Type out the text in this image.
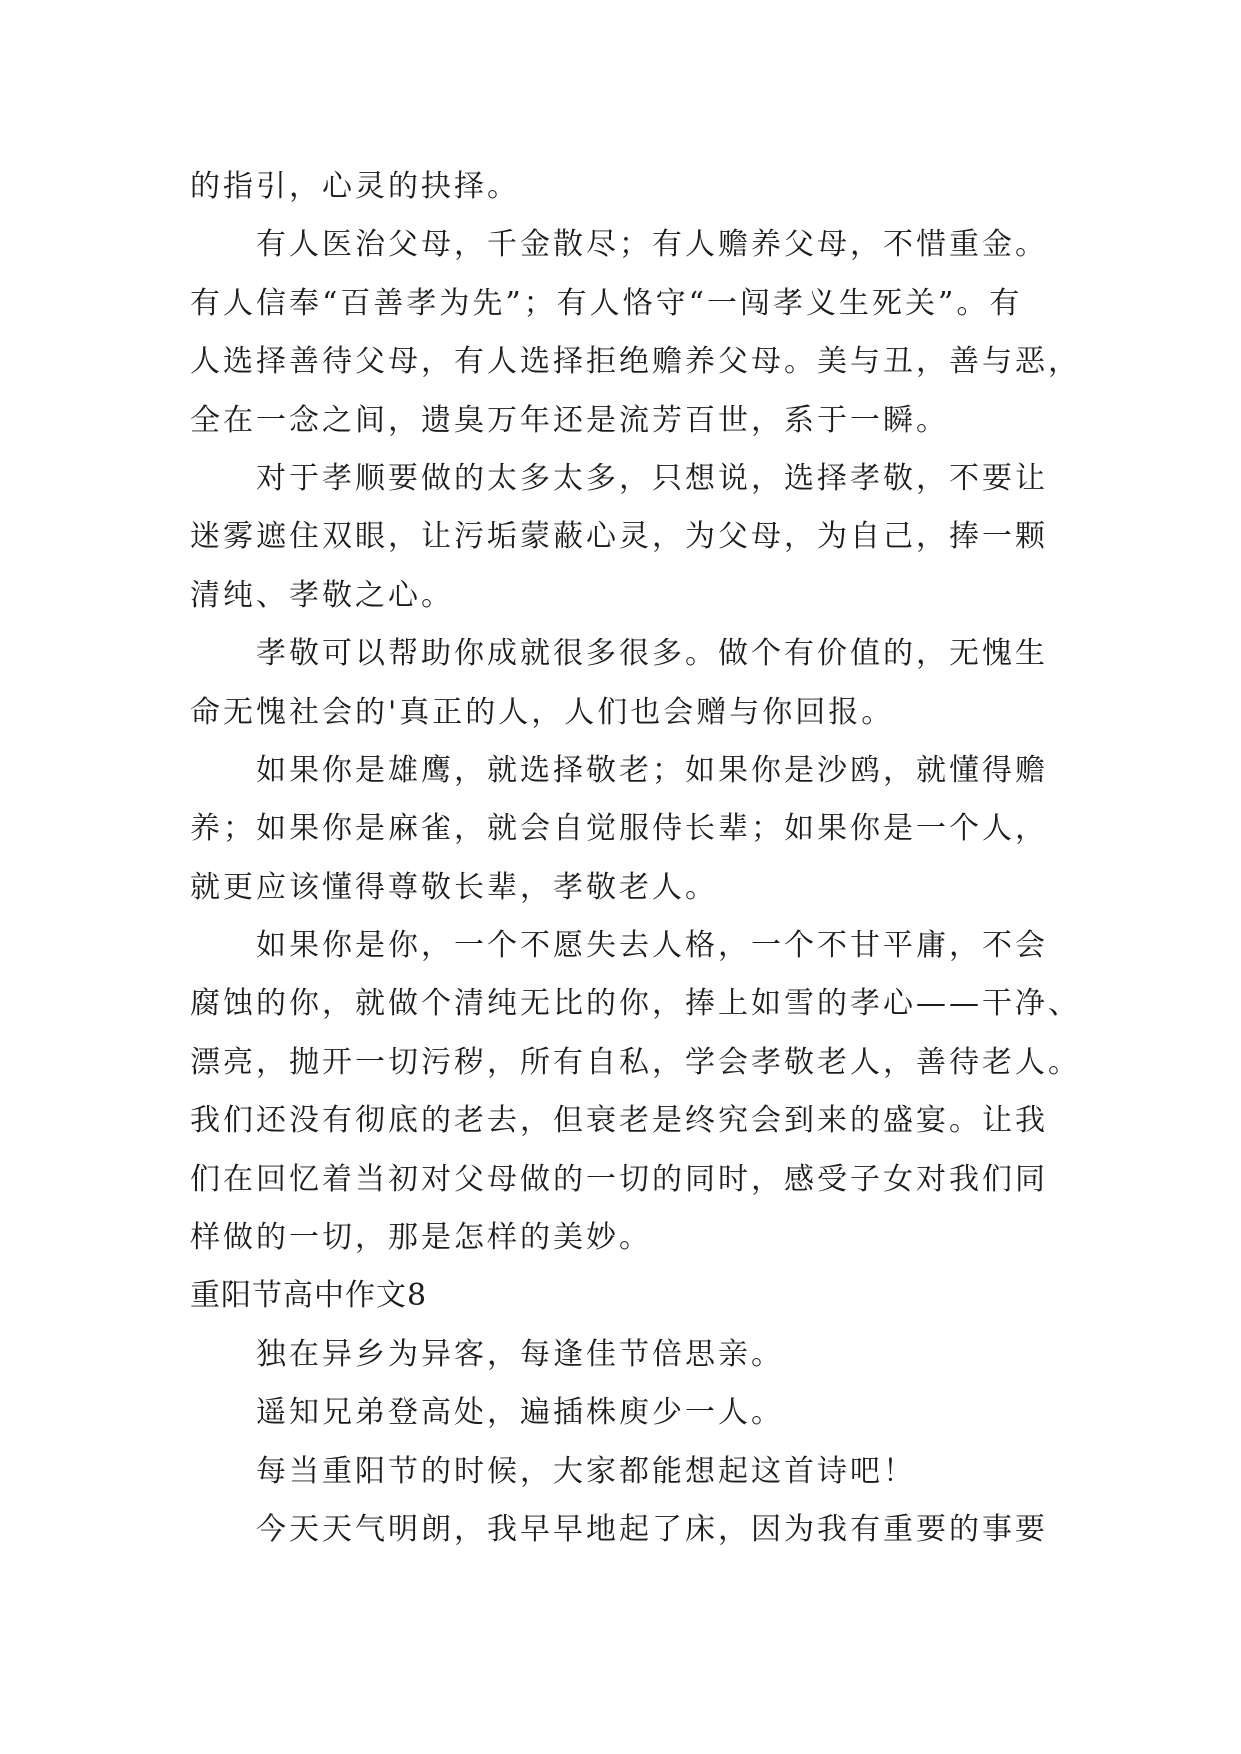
的指引，心灵的抉择。
有人医治父母，千金散尽；有人赡养父母，不惜重金。
有人信奉“百善孝为先”；有人恪守“一闯孝义生死关”。有
人选择善待父母，有人选择拒绝赡养父母。美与丑，善与恶，
全在一念之间，遗臭万年还是流芳百世，系于一瞬。
对于孝顺要做的太多太多，只想说，选择孝敬，不要让
迷雾遮住双眼，让污垢蒙蔽心灵，为父母，为自己，捧一颗
清纯、孝敬之心。
孝敬可以帮助你成就很多很多。做个有价值的，无愧生
命无愧社会的'真正的人，人们也会赠与你回报。
如果你是雄鹰，就选择敬老；如果你是沙鸥，就懂得赡
养；如果你是麻雀，就会自觉服侍长辈；如果你是一个人，
就更应该懂得尊敬长辈，孝敬老人。
如果你是你，一个不愿失去人格，一个不甘平庸，不会
腐蚀的你，就做个清纯无比的你，捧上如雪的孝心——干净、
漂亮，抛开一切污秽，所有自私，学会孝敬老人，善待老人。
我们还没有彻底的老去，但衰老是终究会到来的盛宴。让我
们在回忆着当初对父母做的一切的同时，感受子女对我们同
样做的一切，那是怎样的美妙。
重阳节高中作文8
独在异乡为异客，每逢佳节倍思亲。
遥知兄弟登高处，遍插株庾少一人。
每当重阳节的时候，大家都能想起这首诗吧！
今天天气明朗，我早早地起了床，因为我有重要的事要
